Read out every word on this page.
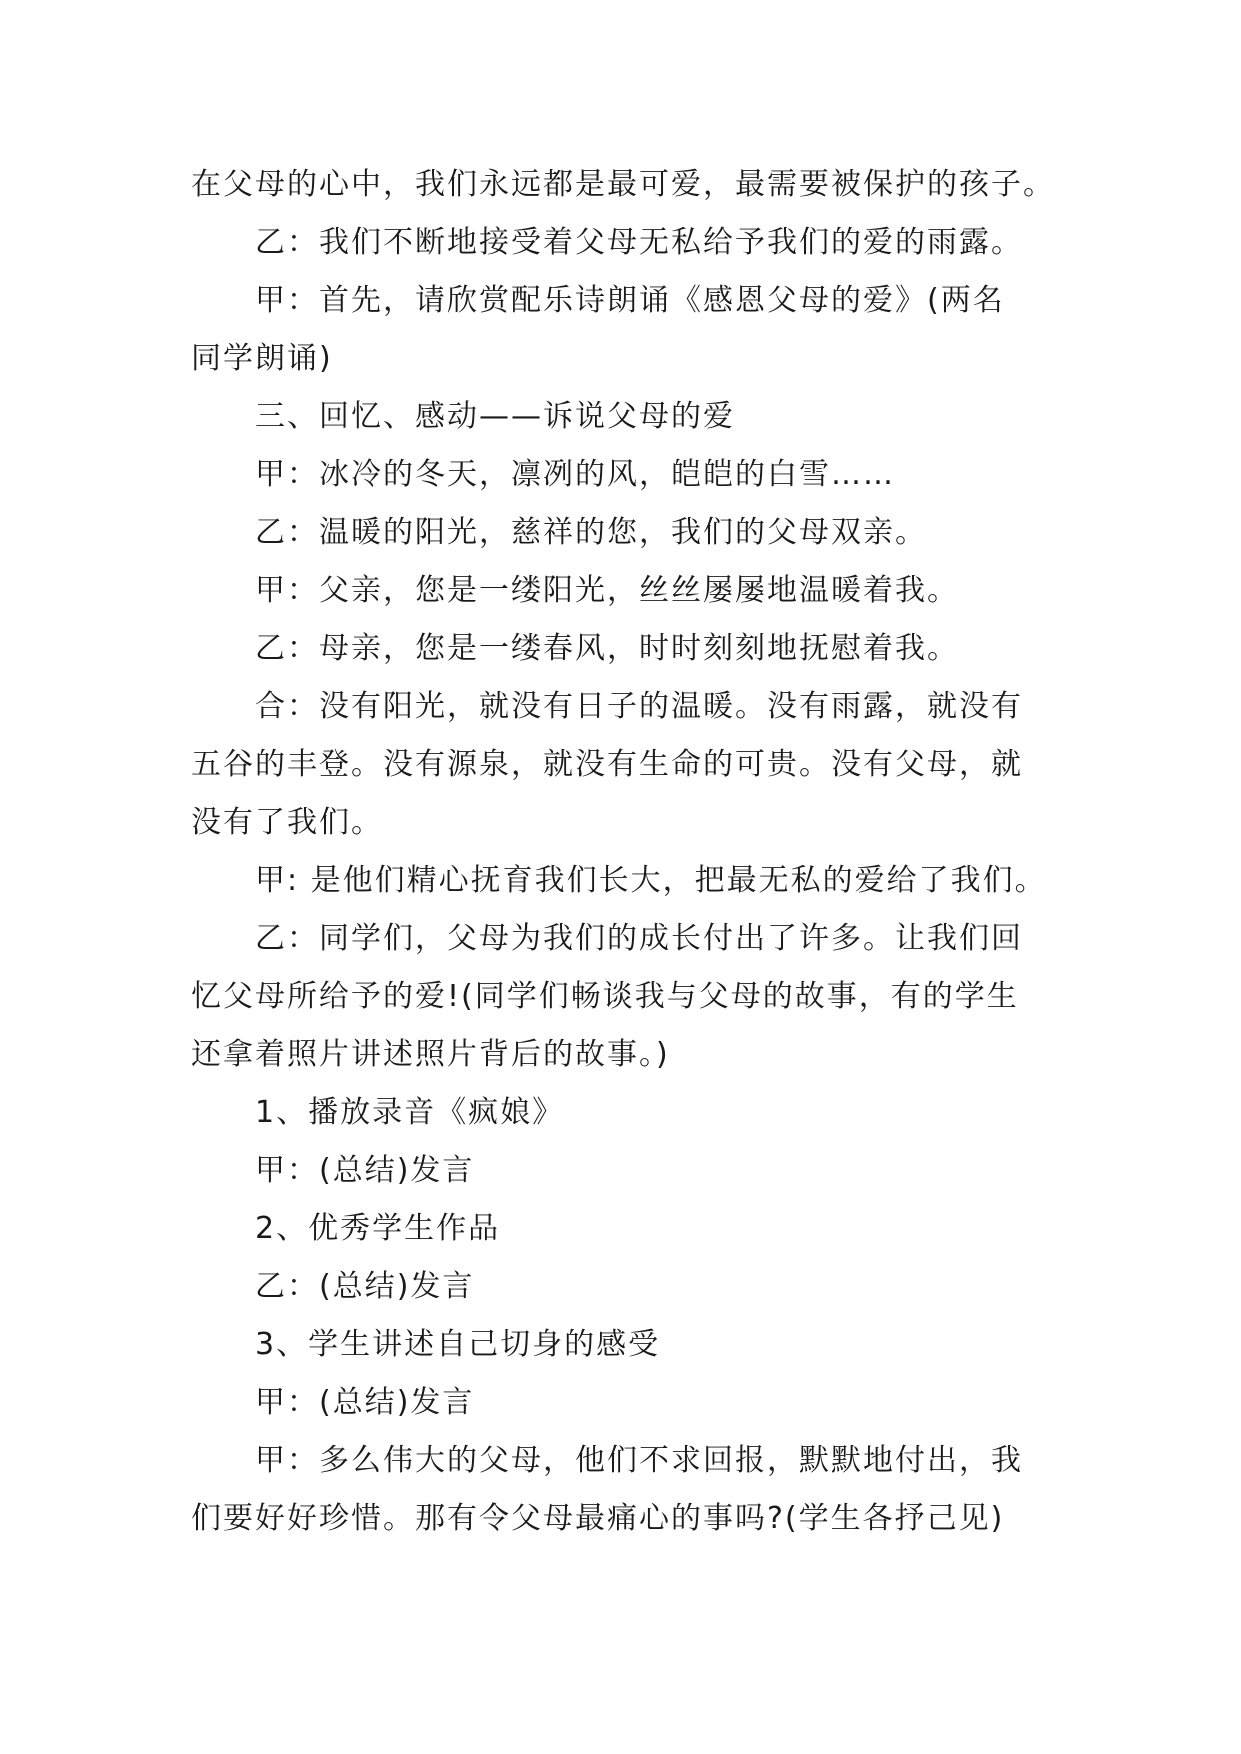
在父母的心中，我们永远都是最可爱，最需要被保护的孩子。

乙：我们不断地接受着父母无私给予我们的爱的雨露。

甲：首先，请欣赏配乐诗朗诵《感恩父母的爱》(两名

同学朗诵)

三、回忆、感动——诉说父母的爱

甲：冰冷的冬天，凛冽的风，皑皑的白雪……

乙：温暖的阳光，慈祥的您，我们的父母双亲。

甲：父亲，您是一缕阳光，丝丝屡屡地温暖着我。

乙：母亲，您是一缕春风，时时刻刻地抚慰着我。

合：没有阳光，就没有日子的温暖。没有雨露，就没有

五谷的丰登。没有源泉，就没有生命的可贵。没有父母，就

没有了我们。

甲: 是他们精心抚育我们长大，把最无私的爱给了我们。

乙：同学们，父母为我们的成长付出了许多。让我们回

忆父母所给予的爱!(同学们畅谈我与父母的故事，有的学生

还拿着照片讲述照片背后的故事。)

1、播放录音《疯娘》

甲：(总结)发言

2、优秀学生作品

乙：(总结)发言

3、学生讲述自己切身的感受

甲：(总结)发言

甲：多么伟大的父母，他们不求回报，默默地付出，我

们要好好珍惜。那有令父母最痛心的事吗?(学生各抒己见)
